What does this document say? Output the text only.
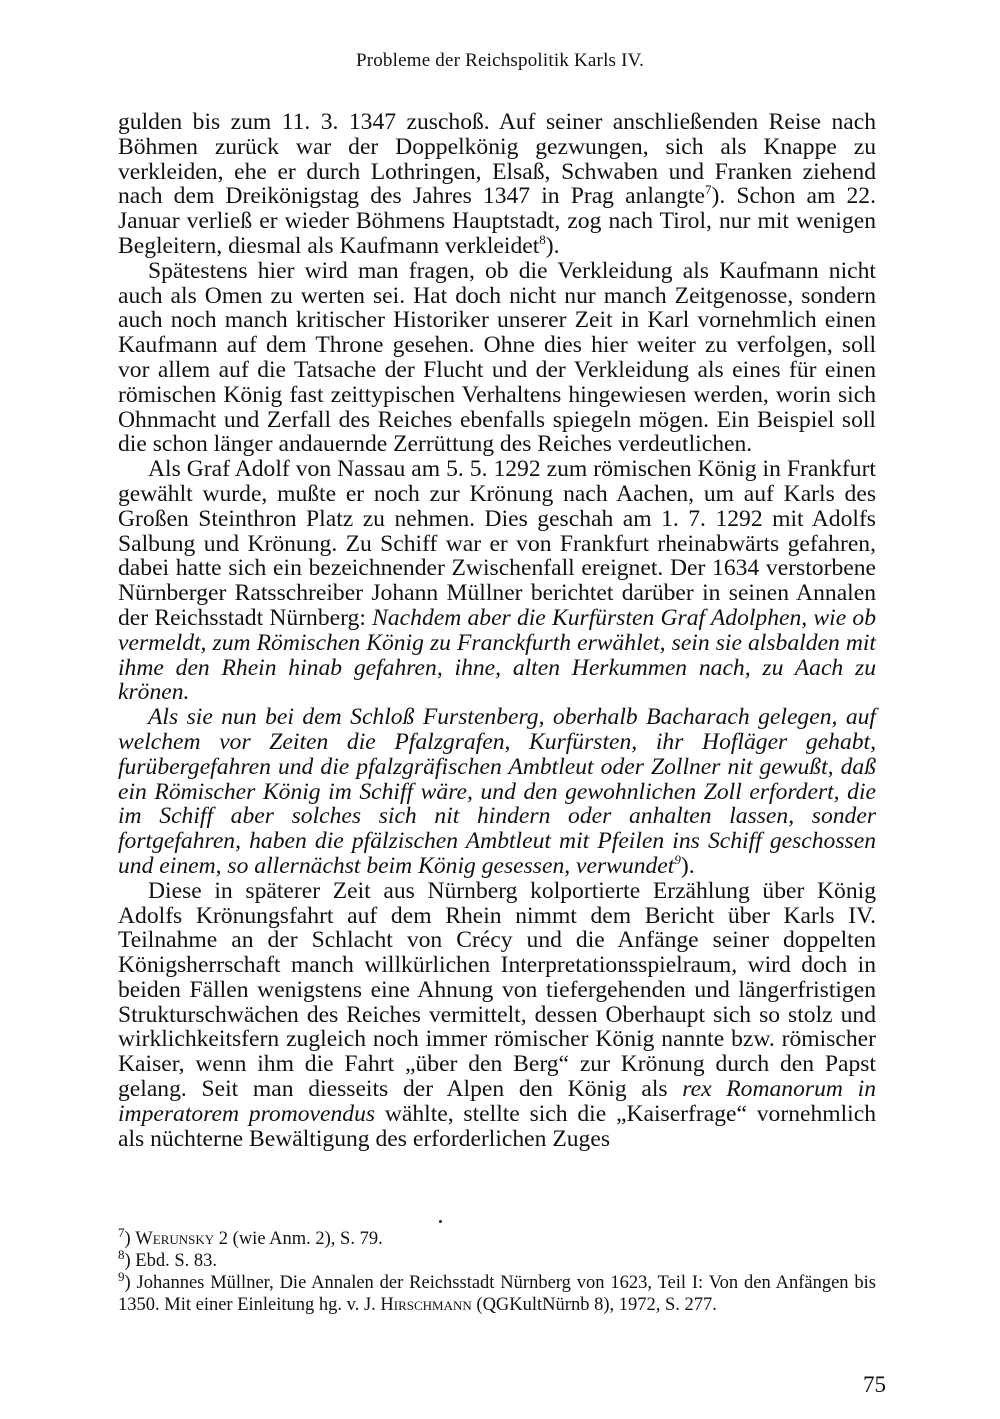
Probleme der Reichspolitik Karls IV.

gulden bis zum 11. 3. 1347 zuschoß. Auf seiner anschließenden Reise nach Böhmen zurück war der Doppelkönig gezwungen, sich als Knappe zu verkleiden, ehe er durch Lothringen, Elsaß, Schwaben und Franken ziehend nach dem Dreikönigstag des Jahres 1347 in Prag anlangte$^7$). Schon am 22. Januar verließ er wieder Böhmens Hauptstadt, zog nach Tirol, nur mit wenigen Begleitern, diesmal als Kaufmann verkleidet$^8$).

Spätestens hier wird man fragen, ob die Verkleidung als Kaufmann nicht auch als Omen zu werten sei. Hat doch nicht nur manch Zeitgenosse, sondern auch noch manch kritischer Historiker unserer Zeit in Karl vornehmlich einen Kaufmann auf dem Throne gesehen. Ohne dies hier weiter zu verfolgen, soll vor allem auf die Tatsache der Flucht und der Verkleidung als eines für einen römischen König fast zeittypischen Verhaltens hingewiesen werden, worin sich Ohnmacht und Zerfall des Reiches ebenfalls spiegeln mögen. Ein Beispiel soll die schon länger andauernde Zerrüttung des Reiches verdeutlichen.

Als Graf Adolf von Nassau am 5. 5. 1292 zum römischen König in Frankfurt gewählt wurde, mußte er noch zur Krönung nach Aachen, um auf Karls des Großen Steinthron Platz zu nehmen. Dies geschah am 1. 7. 1292 mit Adolfs Salbung und Krönung. Zu Schiff war er von Frankfurt rheinabwärts gefahren, dabei hatte sich ein bezeichnender Zwischenfall ereignet. Der 1634 verstorbene Nürnberger Ratsschreiber Johann Müllner berichtet darüber in seinen Annalen der Reichsstadt Nürnberg: Nachdem aber die Kurfürsten Graf Adolphen, wie ob vermeldt, zum Römischen König zu Franckfurth erwählet, sein sie alsbalden mit ihme den Rhein hinab gefahren, ihne, alten Herkummen nach, zu Aach zu krönen.

Als sie nun bei dem Schloß Furstenberg, oberhalb Bacharach gelegen, auf welchem vor Zeiten die Pfalzgrafen, Kurfürsten, ihr Hofläger gehabt, furübergefahren und die pfalzgräfischen Ambtleut oder Zollner nit gewußt, daß ein Römischer König im Schiff wäre, und den gewohnlichen Zoll erfordert, die im Schiff aber solches sich nit hindern oder anhalten lassen, sonder fortgefahren, haben die pfälzischen Ambtleut mit Pfeilen ins Schiff geschossen und einem, so allernächst beim König gesessen, verwundet$^9$).

Diese in späterer Zeit aus Nürnberg kolportierte Erzählung über König Adolfs Krönungsfahrt auf dem Rhein nimmt dem Bericht über Karls IV. Teilnahme an der Schlacht von Crécy und die Anfänge seiner doppelten Königsherrschaft manch willkürlichen Interpretationsspielraum, wird doch in beiden Fällen wenigstens eine Ahnung von tiefergehenden und längerfristigen Strukturschwächen des Reiches vermittelt, dessen Oberhaupt sich so stolz und wirklichkeitsfern zugleich noch immer römischer König nannte bzw. römischer Kaiser, wenn ihm die Fahrt „über den Berg“ zur Krönung durch den Papst gelang. Seit man diesseits der Alpen den König als rex Romanorum in imperatorem promovendus wählte, stellte sich die „Kaiserfrage“ vornehmlich als nüchterne Bewältigung des erforderlichen Zuges

$^7$) Werunsky 2 (wie Anm. 2), S. 79.

$^8$) Ebd. S. 83.

$^9$) Johannes Müllner, Die Annalen der Reichsstadt Nürnberg von 1623, Teil I: Von den Anfängen bis 1350. Mit einer Einleitung hg. v. J. Hirschmann (QGKultNürnb 8), 1972, S. 277.

75
